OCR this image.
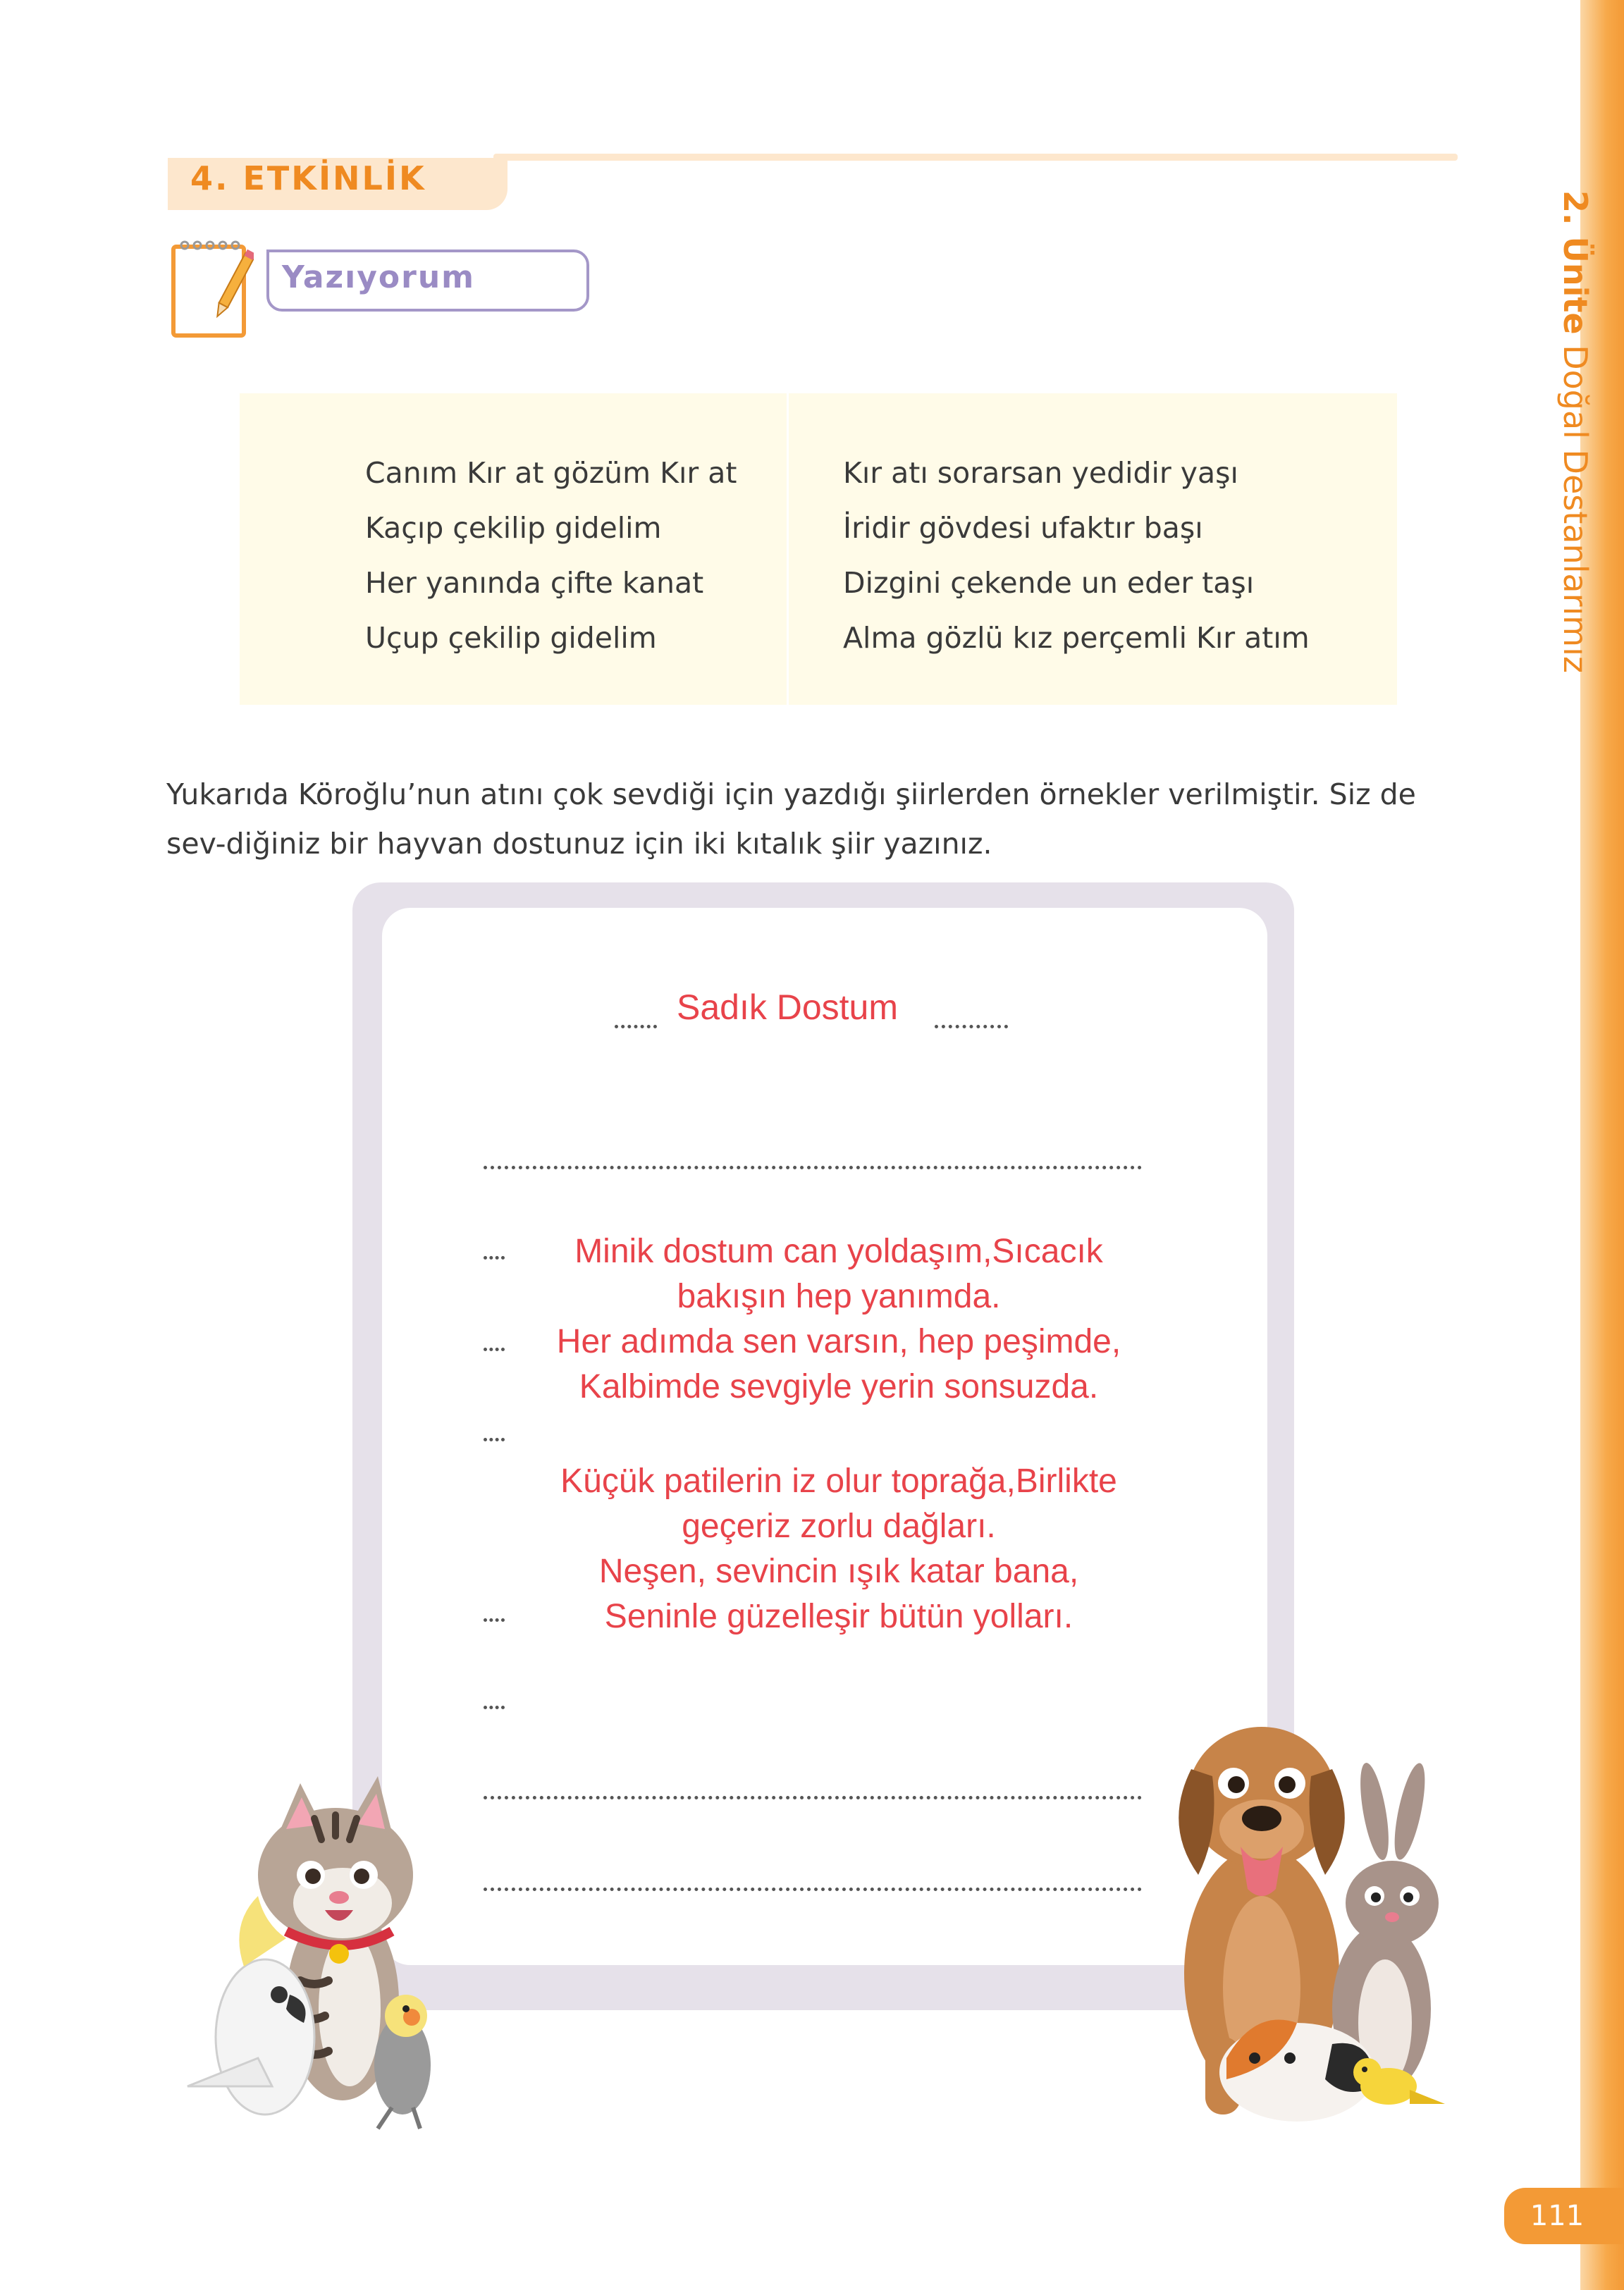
2. Ünite Doğal Destanlarımız
111
4. ETKİNLİK
Yazıyorum
Canım Kır at gözüm Kır at
Kaçıp çekilip gidelim
Her yanında çifte kanat
Uçup çekilip gidelim
Kır atı sorarsan yedidir yaşı
İridir gövdesi ufaktır başı
Dizgini çekende un eder taşı
Alma gözlü kız perçemli Kır atım
Yukarıda Köroğlu’nun atını çok sevdiği için yazdığı şiirlerden örnekler verilmiştir. Siz de sev-diğiniz bir hayvan dostunuz için iki kıtalık şiir yazınız.
Sadık Dostum
Minik dostum can yoldaşım,Sıcacık
bakışın hep yanımda.
Her adımda sen varsın, hep peşimde,
Kalbimde sevgiyle yerin sonsuzda.
Küçük patilerin iz olur toprağa,Birlikte
geçeriz zorlu dağları.
Neşen, sevincin ışık katar bana,
Seninle güzelleşir bütün yolları.
